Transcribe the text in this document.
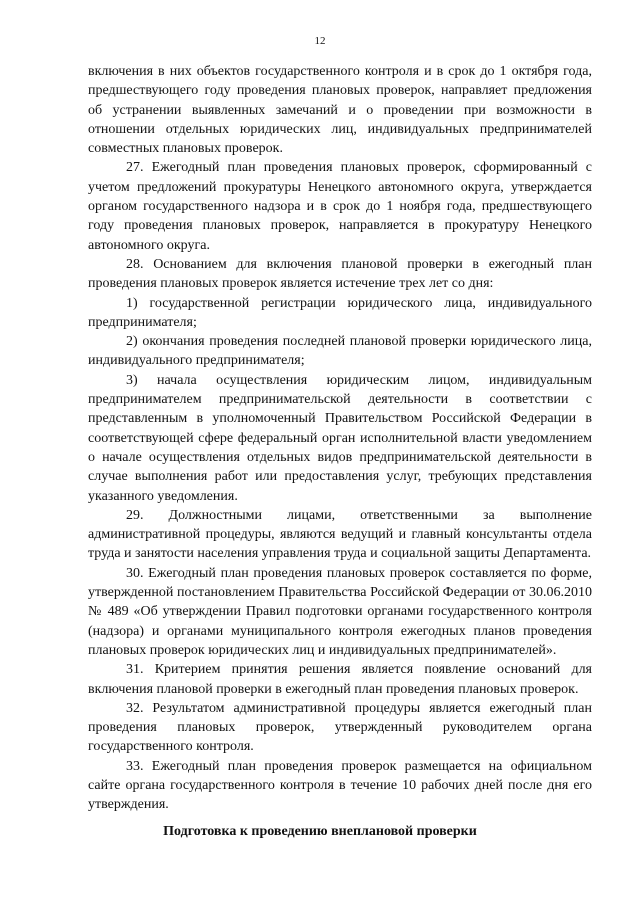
12

включения в них объектов государственного контроля и в срок до 1 октября года, предшествующего году проведения плановых проверок, направляет предложения об устранении выявленных замечаний и о проведении при возможности в отношении отдельных юридических лиц, индивидуальных предпринимателей совместных плановых проверок.

27. Ежегодный план проведения плановых проверок, сформированный с учетом предложений прокуратуры Ненецкого автономного округа, утверждается органом государственного надзора и в срок до 1 ноября года, предшествующего году проведения плановых проверок, направляется в прокуратуру Ненецкого автономного округа.

28. Основанием для включения плановой проверки в ежегодный план проведения плановых проверок является истечение трех лет со дня:

1) государственной регистрации юридического лица, индивидуального предпринимателя;

2) окончания проведения последней плановой проверки юридического лица, индивидуального предпринимателя;

3) начала осуществления юридическим лицом, индивидуальным предпринимателем предпринимательской деятельности в соответствии с представленным в уполномоченный Правительством Российской Федерации в соответствующей сфере федеральный орган исполнительной власти уведомлением о начале осуществления отдельных видов предпринимательской деятельности в случае выполнения работ или предоставления услуг, требующих представления указанного уведомления.

29. Должностными лицами, ответственными за выполнение административной процедуры, являются ведущий и главный консультанты отдела труда и занятости населения управления труда и социальной защиты Департамента.

30. Ежегодный план проведения плановых проверок составляется по форме, утвержденной постановлением Правительства Российской Федерации от 30.06.2010 № 489 «Об утверждении Правил подготовки органами государственного контроля (надзора) и органами муниципального контроля ежегодных планов проведения плановых проверок юридических лиц и индивидуальных предпринимателей».

31. Критерием принятия решения является появление оснований для включения плановой проверки в ежегодный план проведения плановых проверок.

32. Результатом административной процедуры является ежегодный план проведения плановых проверок, утвержденный руководителем органа государственного контроля.

33. Ежегодный план проведения проверок размещается на официальном сайте органа государственного контроля в течение 10 рабочих дней после дня его утверждения.

Подготовка к проведению внеплановой проверки
